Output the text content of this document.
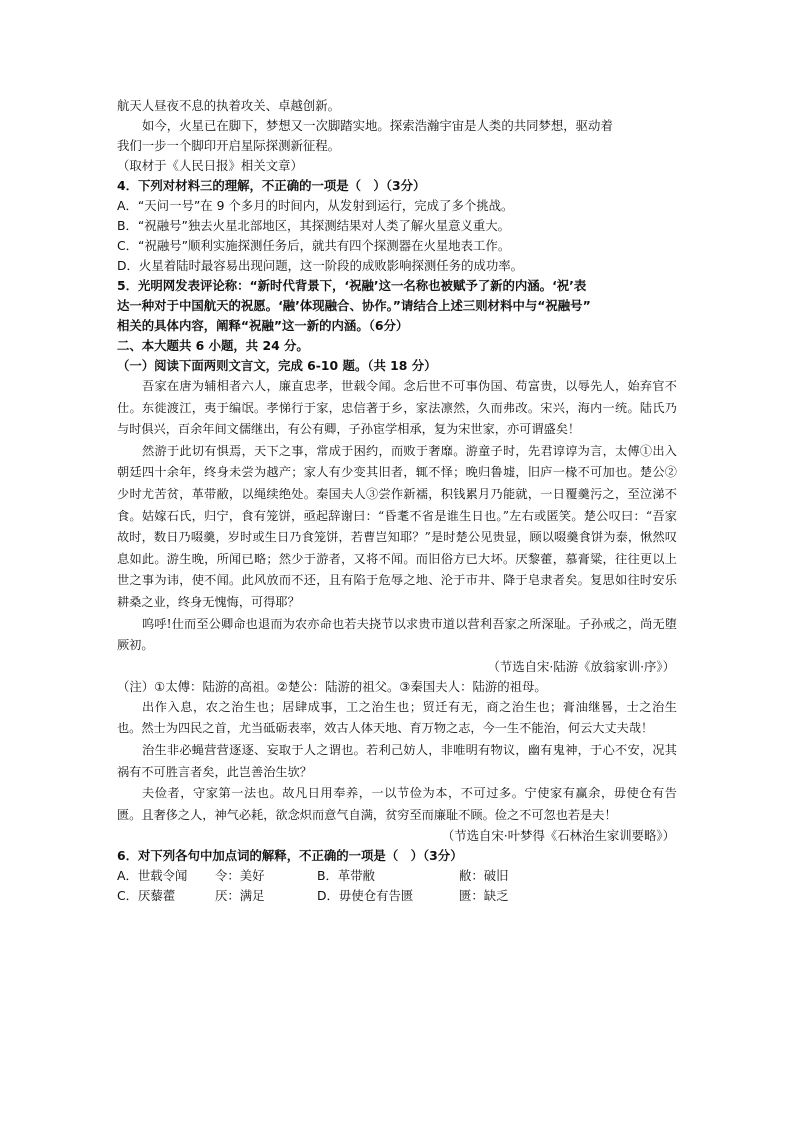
航天人昼夜不息的执着攻关、卓越创新。
如今，火星已在脚下，梦想又一次脚踏实地。探索浩瀚宇宙是人类的共同梦想，驱动着
我们一步一个脚印开启星际探测新征程。
（取材于《人民日报》相关文章）
4．下列对材料三的理解，不正确的一项是（　）（3分）
A．“天问一号”在 9 个多月的时间内，从发射到运行，完成了多个挑战。
B．“祝融号”独去火星北部地区，其探测结果对人类了解火星意义重大。
C．“祝融号”顺利实施探测任务后，就共有四个探测器在火星地表工作。
D．火星着陆时最容易出现问题，这一阶段的成败影响探测任务的成功率。
5．光明网发表评论称：“新时代背景下，‘祝融’这一名称也被赋予了新的内涵。‘祝’表
达一种对于中国航天的祝愿。‘融’体现融合、协作。”请结合上述三则材料中与“祝融号”
相关的具体内容，阐释“祝融”这一新的内涵。（6分）
二、本大题共 6 小题，共 24 分。
（一）阅读下面两则文言文，完成 6-10 题。（共 18 分）
吾家在唐为辅相者六人，廉直忠孝，世载令闻。念后世不可事伪国、苟富贵，以辱先人，始弃官不仕。东徙渡江，夷于编氓。孝悌行于家，忠信著于乡，家法凛然，久而弗改。宋兴，海内一统。陆氏乃与时俱兴，百余年间文儒继出，有公有卿，子孙宦学相承，复为宋世家，亦可谓盛矣！
然游于此切有惧焉，天下之事，常成于困约，而败于奢靡。游童子时，先君谆谆为言，太傅①出入朝廷四十余年，终身未尝为越产；家人有少变其旧者，辄不怿；晚归鲁墟，旧庐一椽不可加也。楚公②少时尤苦贫，革带敝，以绳续绝处。秦国夫人③尝作新襦，积钱累月乃能就，一日覆羹污之，至泣涕不食。姑嫁石氏，归宁，食有笼饼，亟起辞谢曰：“昏耄不省是谁生日也。”左右或匿笑。楚公叹曰：“吾家故时，数日乃啜羹，岁时或生日乃食笼饼，若曹岂知耶？”是时楚公见贵显，顾以啜羹食饼为泰，愀然叹息如此。游生晚，所闻已略；然少于游者，又将不闻。而旧俗方已大坏。厌黎藿，慕膏粱，往往更以上世之事为讳，使不闻。此风放而不还，且有陷于危辱之地、沦于市井、降于皂隶者矣。复思如往时安乐耕桑之业，终身无愧悔，可得耶？
呜呼!仕而至公卿命也退而为农亦命也若夫挠节以求贵市道以营利吾家之所深耻。子孙戒之，尚无堕厥初。
（节选自宋·陆游《放翁家训·序》）
（注）①太傅：陆游的高祖。②楚公：陆游的祖父。③秦国夫人：陆游的祖母。
出作入息，农之治生也；居肆成事，工之治生也；贸迁有无，商之治生也；膏油继晷，士之治生也。然士为四民之首，尤当砥砺表率，效古人体天地、育万物之志，今一生不能治，何云大丈夫哉！
治生非必蝇营营逐逐、妄取于人之谓也。若利己妨人，非唯明有物议，幽有鬼神，于心不安，况其祸有不可胜言者矣，此岂善治生欤？
夫俭者，守家第一法也。故凡日用奉养，一以节俭为本，不可过多。宁使家有赢余，毋使仓有告匮。且奢侈之人，神气必耗，欲念炽而意气自满，贫穷至而廉耻不顾。俭之不可忽也若是夫！
（节选自宋·叶梦得《石林治生家训要略》）
6．对下列各句中加点词的解释，不正确的一项是（　）（3分）
A．世载令闻	令：美好	B．革带敝	敝：破旧
C．厌藜藿	厌：满足	D．毋使仓有告匮	匮：缺乏
